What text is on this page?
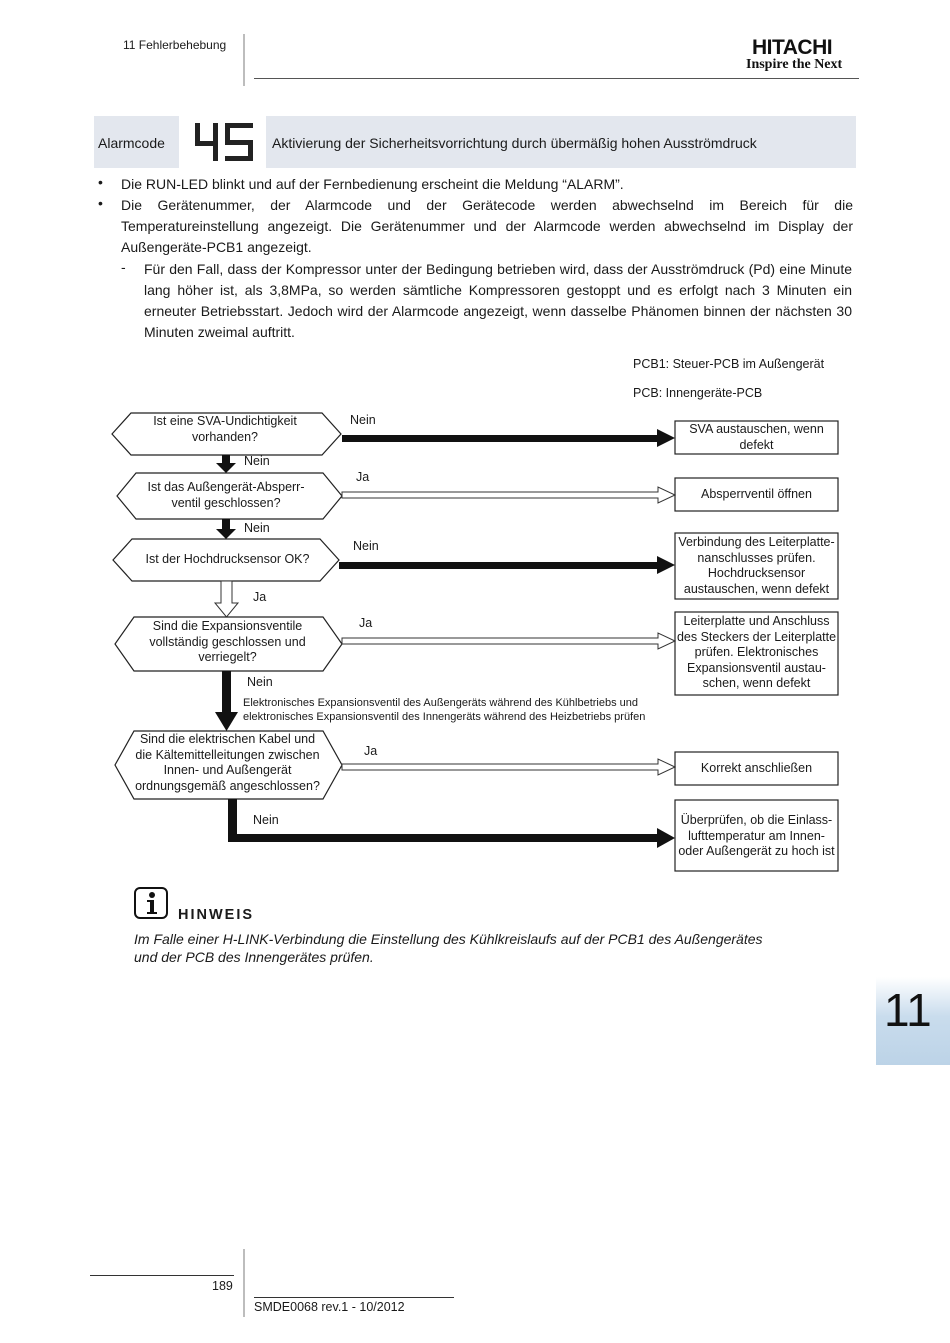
11 Fehlerbehebung	HITACHI
Inspire the Next
Alarmcode	Aktivierung der Sicherheitsvorrichtung durch übermäßig hohen Ausströmdruck
• Die RUN-LED blinkt und auf der Fernbedienung erscheint die Meldung “ALARM”.
• Die Gerätenummer, der Alarmcode und der Gerätecode werden abwechselnd im Bereich für die Temperatureinstellung angezeigt. Die Gerätenummer und der Alarmcode werden abwechselnd im Display der Außengeräte-PCB1 angezeigt.
- Für den Fall, dass der Kompressor unter der Bedingung betrieben wird, dass der Ausströmdruck (Pd) eine Minute lang höher ist, als 3,8MPa, so werden sämtliche Kompressoren gestoppt und es erfolgt nach 3 Minuten ein erneuter Betriebsstart. Jedoch wird der Alarmcode angezeigt, wenn dasselbe Phänomen binnen der nächsten 30 Minuten zweimal auftritt.
PCB1: Steuer-PCB im Außengerät
PCB: Innengeräte-PCB
Ist eine SVA-Undichtigkeit vorhanden?
Ist das Außengerät-Absperr-ventil geschlossen?
Ist der Hochdrucksensor OK?
Sind die Expansionsventile vollständig geschlossen und verriegelt?
Sind die elektrischen Kabel und die Kältemittelleitungen zwischen Innen- und Außengerät ordnungsgemäß angeschlossen?
SVA austauschen, wenn defekt
Absperrventil öffnen
Verbindung des Leiterplatte-nanschlusses prüfen. Hochdrucksensor austauschen, wenn defekt
Leiterplatte und Anschluss des Steckers der Leiterplatte prüfen. Elektronisches Expansionsventil austau-schen, wenn defekt
Korrekt anschließen
Überprüfen, ob die Einlass-lufttemperatur am Innen-oder Außengerät zu hoch ist
Nein
Nein
Ja
Nein
Nein
Ja
Ja
Nein
Ja
Nein
Elektronisches Expansionsventil des Außengeräts während des Kühlbetriebs und
elektronisches Expansionsventil des Innengeräts während des Heizbetriebs prüfen
HINWEIS
Im Falle einer H-LINK-Verbindung die Einstellung des Kühlkreislaufs auf der PCB1 des Außengerätes
und der PCB des Innengerätes prüfen.
11
189
SMDE0068 rev.1 - 10/2012
